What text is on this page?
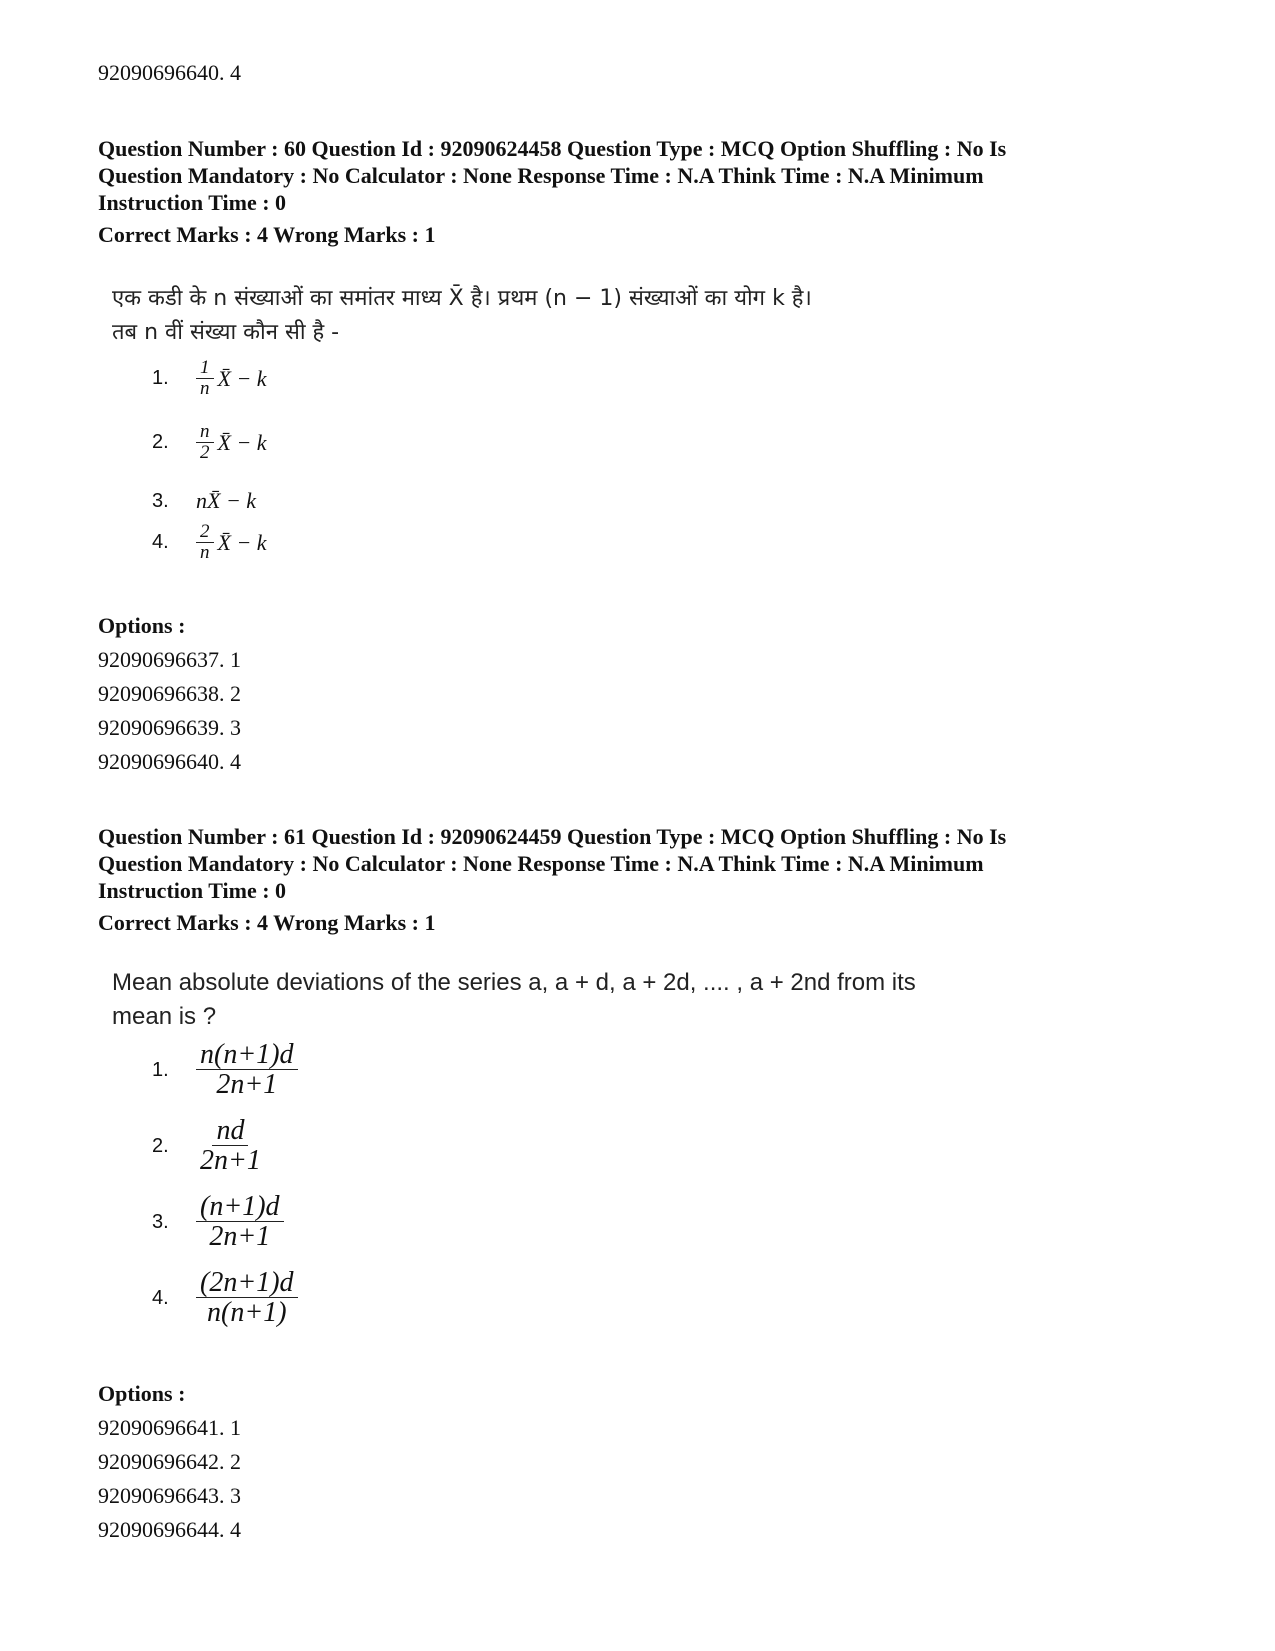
92090696640. 4
Question Number : 60 Question Id : 92090624458 Question Type : MCQ Option Shuffling : No Is
Question Mandatory : No Calculator : None Response Time : N.A Think Time : N.A Minimum
Instruction Time : 0
Correct Marks : 4 Wrong Marks : 1
एक कडी के n संख्याओं का समांतर माध्य X̄ है। प्रथम (n − 1) संख्याओं का योग k है।
तब n वीं संख्या कौन सी है -
1.	$\frac{1}{n}$ X̄ − k
2.	$\frac{n}{2}$ X̄ − k
3.	nX̄ − k
4.	$\frac{2}{n}$ X̄ − k
Options :
92090696637. 1
92090696638. 2
92090696639. 3
92090696640. 4
Question Number : 61 Question Id : 92090624459 Question Type : MCQ Option Shuffling : No Is
Question Mandatory : No Calculator : None Response Time : N.A Think Time : N.A Minimum
Instruction Time : 0
Correct Marks : 4 Wrong Marks : 1
Mean absolute deviations of the series a, a + d, a + 2d, .... , a + 2nd from its
mean is ?
1. $\frac{n(n+1)d}{2n+1}$
2. $\frac{nd}{2n+1}$
3. $\frac{(n+1)d}{2n+1}$
4. $\frac{(2n+1)d}{n(n+1)}$
Options :
92090696641. 1
92090696642. 2
92090696643. 3
92090696644. 4
